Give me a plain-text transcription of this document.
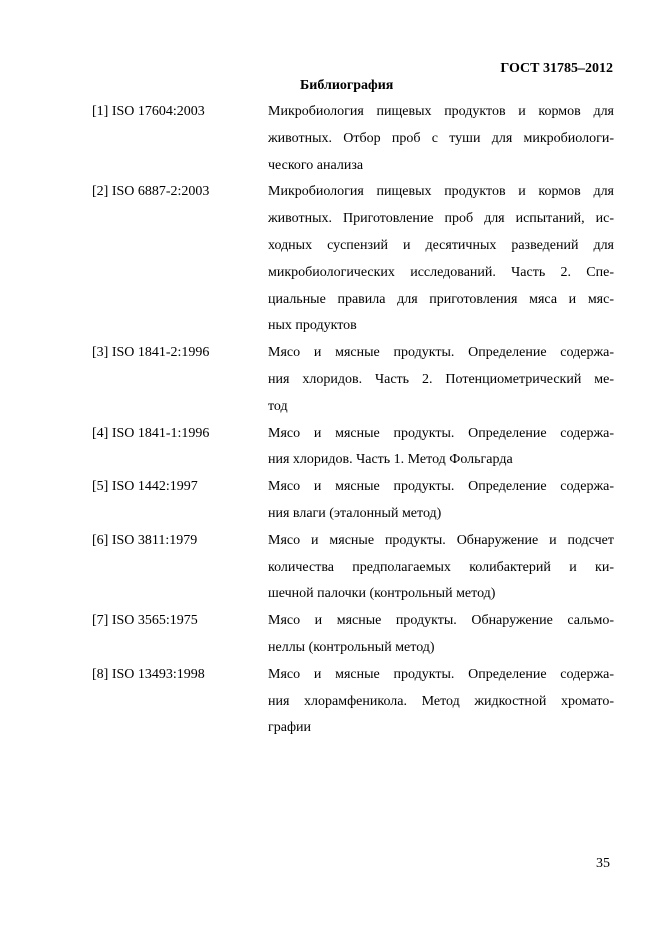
ГОСТ 31785–2012
Библиография
[1] ISO 17604:2003	Микробиология пищевых продуктов и кормов для
животных. Отбор проб с туши для микробиологи-
ческого анализа
[2] ISO 6887-2:2003	Микробиология пищевых продуктов и кормов для
животных. Приготовление проб для испытаний, ис-
ходных суспензий и десятичных разведений для
микробиологических исследований. Часть 2. Спе-
циальные правила для приготовления мяса и мяс-
ных продуктов
[3] ISO 1841-2:1996	Мясо и мясные продукты. Определение содержа-
ния хлоридов. Часть 2. Потенциометрический ме-
тод
[4] ISO 1841-1:1996	Мясо и мясные продукты. Определение содержа-
ния хлоридов. Часть 1. Метод Фольгарда
[5] ISO 1442:1997	Мясо и мясные продукты. Определение содержа-
ния влаги (эталонный метод)
[6] ISO 3811:1979	Мясо и мясные продукты. Обнаружение и подсчет
количества предполагаемых колибактерий и ки-
шечной палочки (контрольный метод)
[7] ISO 3565:1975	Мясо и мясные продукты. Обнаружение сальмо-
неллы (контрольный метод)
[8] ISO 13493:1998	Мясо и мясные продукты. Определение содержа-
ния хлорамфеникола. Метод жидкостной хромато-
графии
35
